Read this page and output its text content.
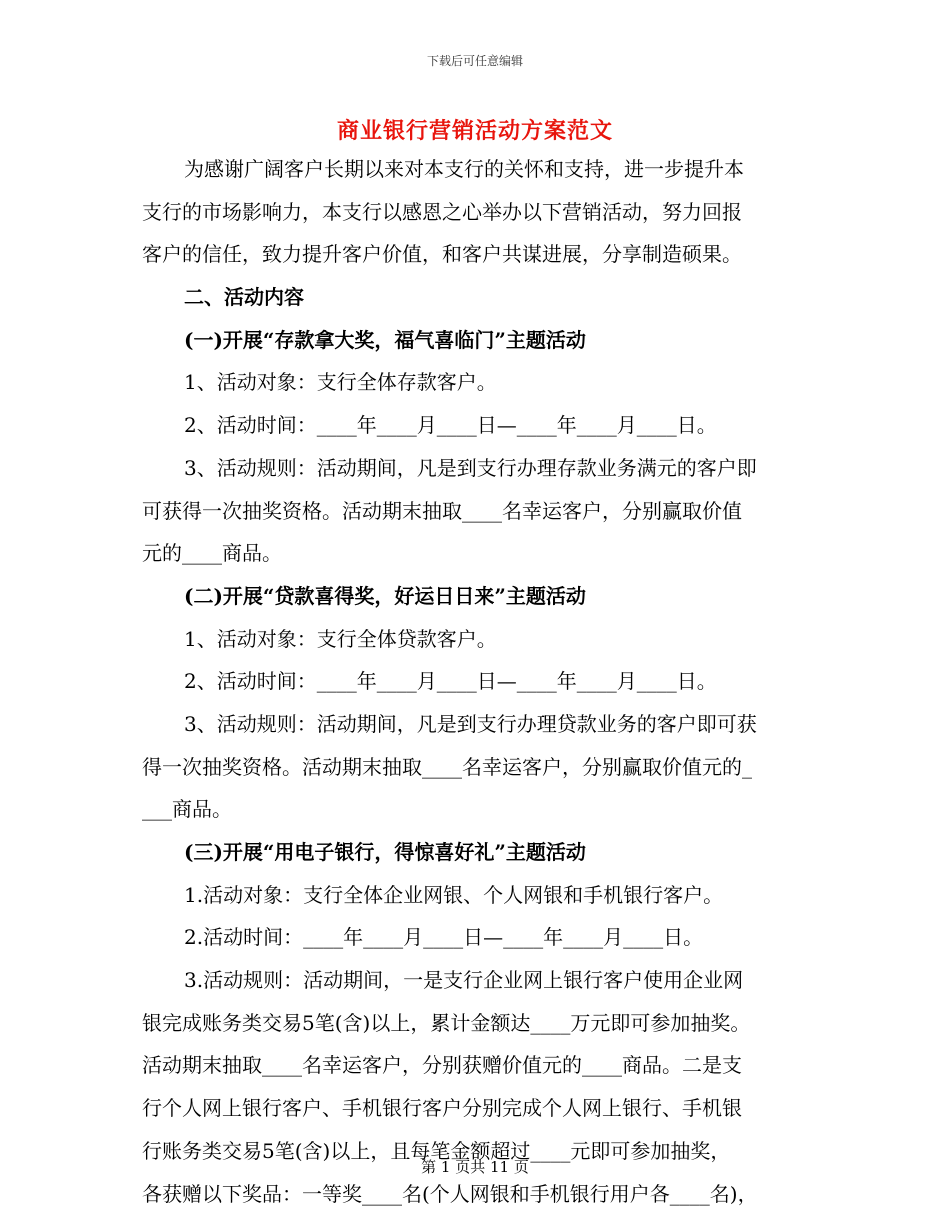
下载后可任意编辑
商业银行营销活动方案范文
为感谢广阔客户长期以来对本支行的关怀和支持，进一步提升本
支行的市场影响力，本支行以感恩之心举办以下营销活动，努力回报
客户的信任，致力提升客户价值，和客户共谋进展，分享制造硕果。
二、活动内容
(一)开展“存款拿大奖，福气喜临门”主题活动
1、活动对象：支行全体存款客户。
2、活动时间：____年____月____日—____年____月____日。
3、活动规则：活动期间，凡是到支行办理存款业务满元的客户即
可获得一次抽奖资格。活动期末抽取____名幸运客户，分别赢取价值
元的____商品。
(二)开展“贷款喜得奖，好运日日来”主题活动
1、活动对象：支行全体贷款客户。
2、活动时间：____年____月____日—____年____月____日。
3、活动规则：活动期间，凡是到支行办理贷款业务的客户即可获
得一次抽奖资格。活动期末抽取____名幸运客户，分别赢取价值元的_
___商品。
(三)开展“用电子银行，得惊喜好礼”主题活动
1.活动对象：支行全体企业网银、个人网银和手机银行客户。
2.活动时间：____年____月____日—____年____月____日。
3.活动规则：活动期间，一是支行企业网上银行客户使用企业网
银完成账务类交易5笔(含)以上，累计金额达____万元即可参加抽奖。
活动期末抽取____名幸运客户，分别获赠价值元的____商品。二是支
行个人网上银行客户、手机银行客户分别完成个人网上银行、手机银
行账务类交易5笔(含)以上，且每笔金额超过____元即可参加抽奖，
各获赠以下奖品：一等奖____名(个人网银和手机银行用户各____名)，
第 1 页共 11 页
